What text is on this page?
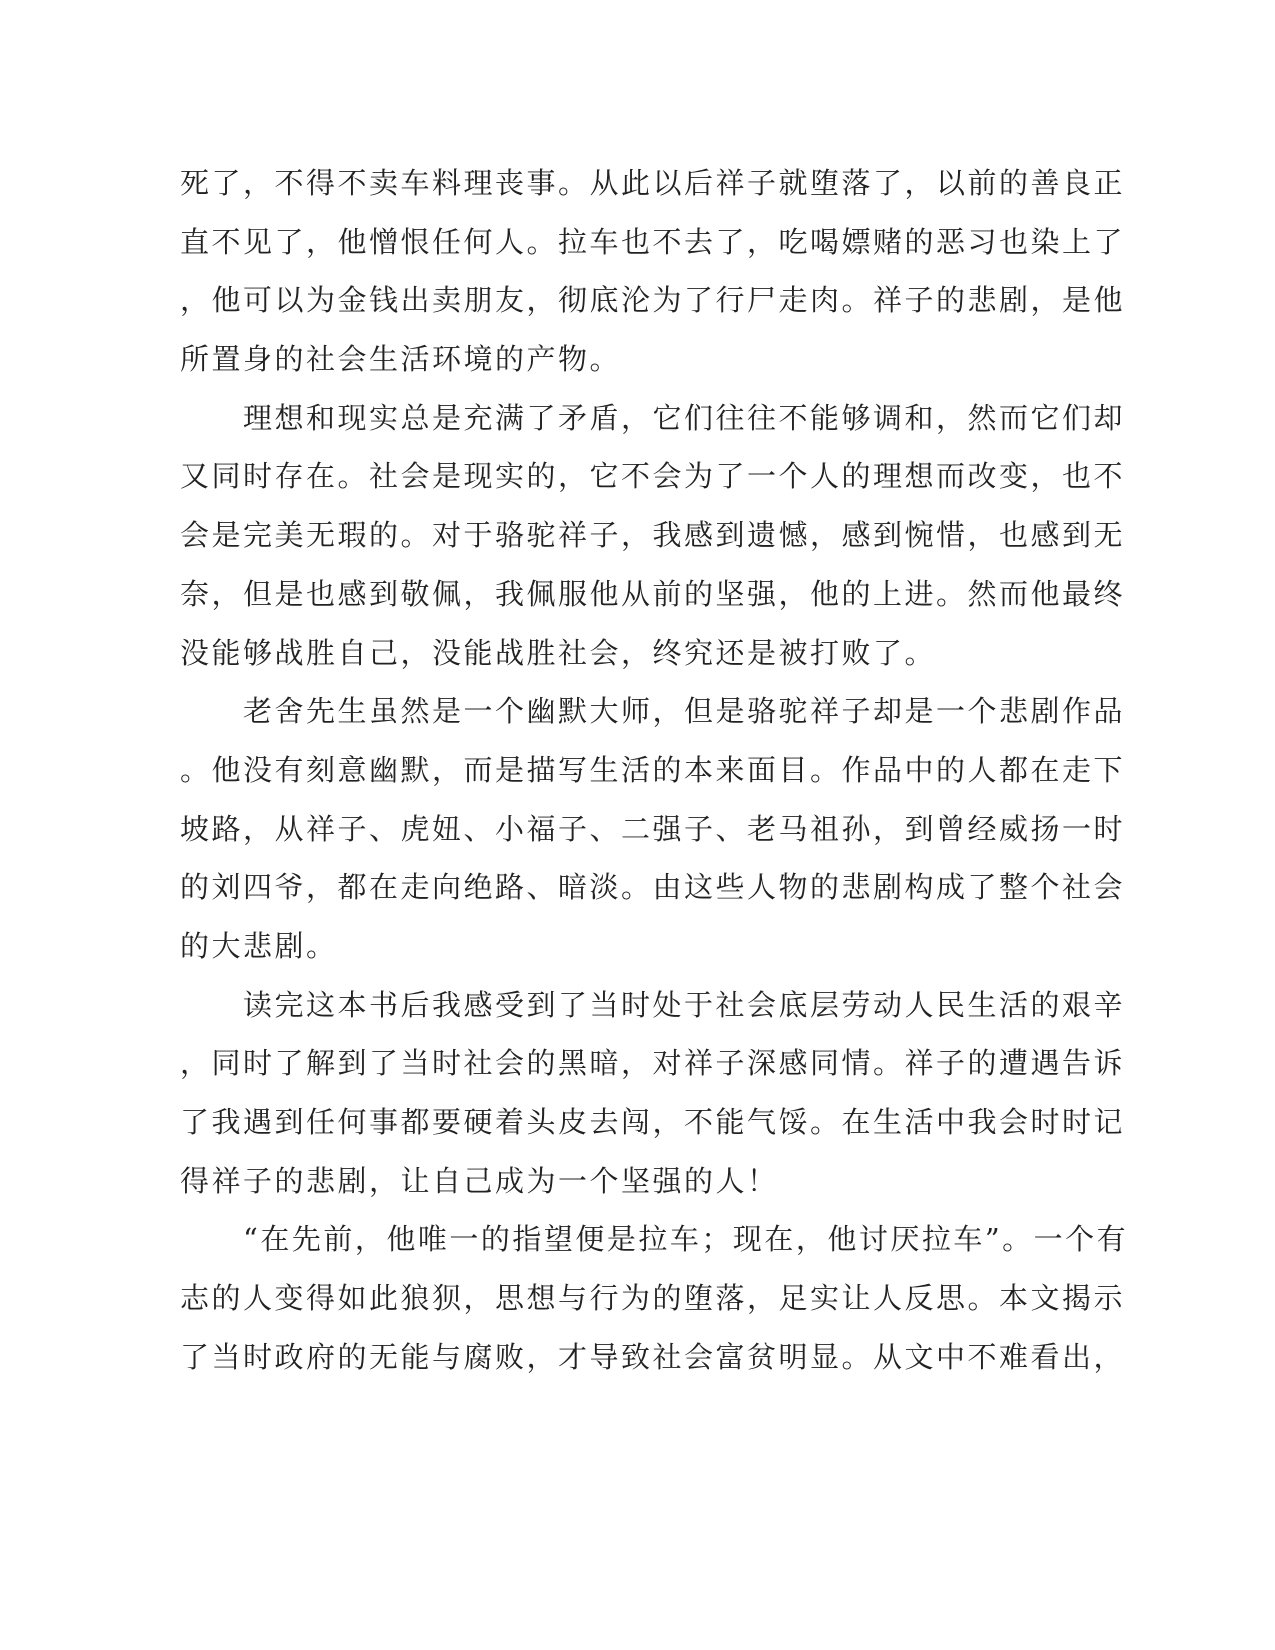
死了，不得不卖车料理丧事。从此以后祥子就堕落了，以前的善良正
直不见了，他憎恨任何人。拉车也不去了，吃喝嫖赌的恶习也染上了
，他可以为金钱出卖朋友，彻底沦为了行尸走肉。祥子的悲剧，是他
所置身的社会生活环境的产物。
　　理想和现实总是充满了矛盾，它们往往不能够调和，然而它们却
又同时存在。社会是现实的，它不会为了一个人的理想而改变，也不
会是完美无瑕的。对于骆驼祥子，我感到遗憾，感到惋惜，也感到无
奈，但是也感到敬佩，我佩服他从前的坚强，他的上进。然而他最终
没能够战胜自己，没能战胜社会，终究还是被打败了。
　　老舍先生虽然是一个幽默大师，但是骆驼祥子却是一个悲剧作品
。他没有刻意幽默，而是描写生活的本来面目。作品中的人都在走下
坡路，从祥子、虎妞、小福子、二强子、老马祖孙，到曾经威扬一时
的刘四爷，都在走向绝路、暗淡。由这些人物的悲剧构成了整个社会
的大悲剧。
　　读完这本书后我感受到了当时处于社会底层劳动人民生活的艰辛
，同时了解到了当时社会的黑暗，对祥子深感同情。祥子的遭遇告诉
了我遇到任何事都要硬着头皮去闯，不能气馁。在生活中我会时时记
得祥子的悲剧，让自己成为一个坚强的人！
　　“在先前，他唯一的指望便是拉车；现在，他讨厌拉车”。一个有
志的人变得如此狼狈，思想与行为的堕落，足实让人反思。本文揭示
了当时政府的无能与腐败，才导致社会富贫明显。从文中不难看出，
